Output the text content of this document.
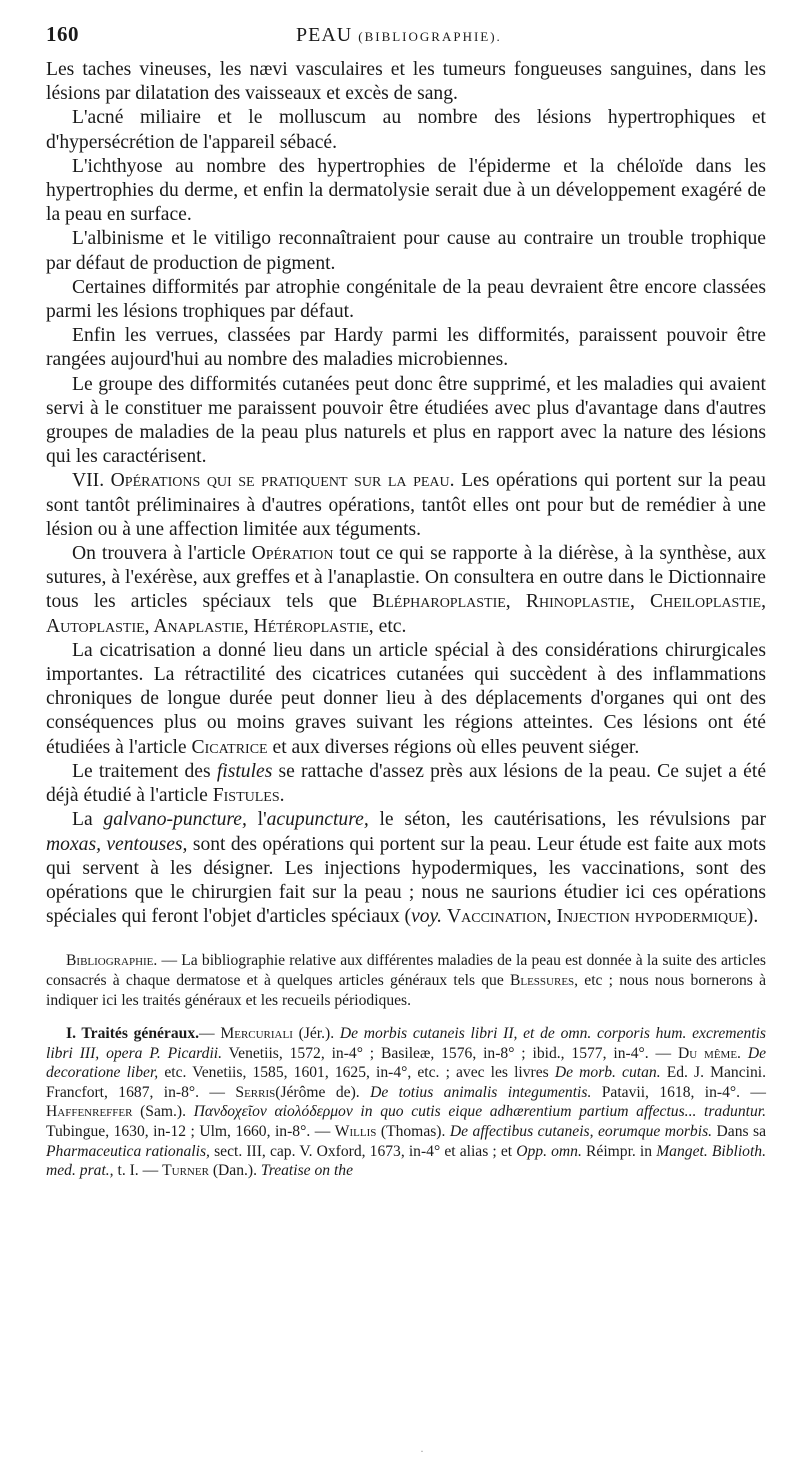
160	PEAU (BIBLIOGRAPHIE).

Les taches vineuses, les nævi vasculaires et les tumeurs fongueuses sanguines, dans les lésions par dilatation des vaisseaux et excès de sang.

L'acné miliaire et le molluscum au nombre des lésions hypertrophiques et d'hypersécrétion de l'appareil sébacé.

L'ichthyose au nombre des hypertrophies de l'épiderme et la chéloïde dans les hypertrophies du derme, et enfin la dermatolysie serait due à un développement exagéré de la peau en surface.

L'albinisme et le vitiligo reconnaîtraient pour cause au contraire un trouble trophique par défaut de production de pigment.

Certaines difformités par atrophie congénitale de la peau devraient être encore classées parmi les lésions trophiques par défaut.

Enfin les verrues, classées par Hardy parmi les difformités, paraissent pouvoir être rangées aujourd'hui au nombre des maladies microbiennes.

Le groupe des difformités cutanées peut donc être supprimé, et les maladies qui avaient servi à le constituer me paraissent pouvoir être étudiées avec plus d'avantage dans d'autres groupes de maladies de la peau plus naturels et plus en rapport avec la nature des lésions qui les caractérisent.

VII. Opérations qui se pratiquent sur la peau. Les opérations qui portent sur la peau sont tantôt préliminaires à d'autres opérations, tantôt elles ont pour but de remédier à une lésion ou à une affection limitée aux téguments.

On trouvera à l'article Opération tout ce qui se rapporte à la diérèse, à la synthèse, aux sutures, à l'exérèse, aux greffes et à l'anaplastie. On consultera en outre dans le Dictionnaire tous les articles spéciaux tels que Blépharoplastie, Rhinoplastie, Cheiloplastie, Autoplastie, Anaplastie, Hétéroplastie, etc.

La cicatrisation a donné lieu dans un article spécial à des considérations chirurgicales importantes. La rétractilité des cicatrices cutanées qui succèdent à des inflammations chroniques de longue durée peut donner lieu à des déplacements d'organes qui ont des conséquences plus ou moins graves suivant les régions atteintes. Ces lésions ont été étudiées à l'article Cicatrice et aux diverses régions où elles peuvent siéger.

Le traitement des fistules se rattache d'assez près aux lésions de la peau. Ce sujet a été déjà étudié à l'article Fistules.

La galvano-puncture, l'acupuncture, le séton, les cautérisations, les révulsions par moxas, ventouses, sont des opérations qui portent sur la peau. Leur étude est faite aux mots qui servent à les désigner. Les injections hypodermiques, les vaccinations, sont des opérations que le chirurgien fait sur la peau ; nous ne saurions étudier ici ces opérations spéciales qui feront l'objet d'articles spéciaux (voy. Vaccination, Injection hypodermique).

Bibliographie. — La bibliographie relative aux différentes maladies de la peau est donnée à la suite des articles consacrés à chaque dermatose et à quelques articles généraux tels que Blessures, etc ; nous nous bornerons à indiquer ici les traités généraux et les recueils périodiques.

I. Traités généraux.— Mercuriali (Jér.). De morbis cutaneis libri II, et de omn. corporis hum. excrementis libri III, opera P. Picardii. Venetiis, 1572, in-4° ; Basileæ, 1576, in-8° ; ibid., 1577, in-4°. — Du même. De decoratione liber, etc. Venetiis, 1585, 1601, 1625, in-4°, etc. ; avec les livres De morb. cutan. Ed. J. Mancini. Francfort, 1687, in-8°. — Serris(Jérôme de). De totius animalis integumentis. Patavii, 1618, in-4°. — Haffenreffer (Sam.). Πανδοχεῖον αἰολόδερμον in quo cutis eique adhærentium partium affectus... traduntur. Tubingue, 1630, in-12 ; Ulm, 1660, in-8°. — Willis (Thomas). De affectibus cutaneis, eorumque morbis. Dans sa Pharmaceutica rationalis, sect. III, cap. V. Oxford, 1673, in-4° et alias ; et Opp. omn. Réimpr. in Manget. Biblioth. med. prat., t. I. — Turner (Dan.). Treatise on the

·
